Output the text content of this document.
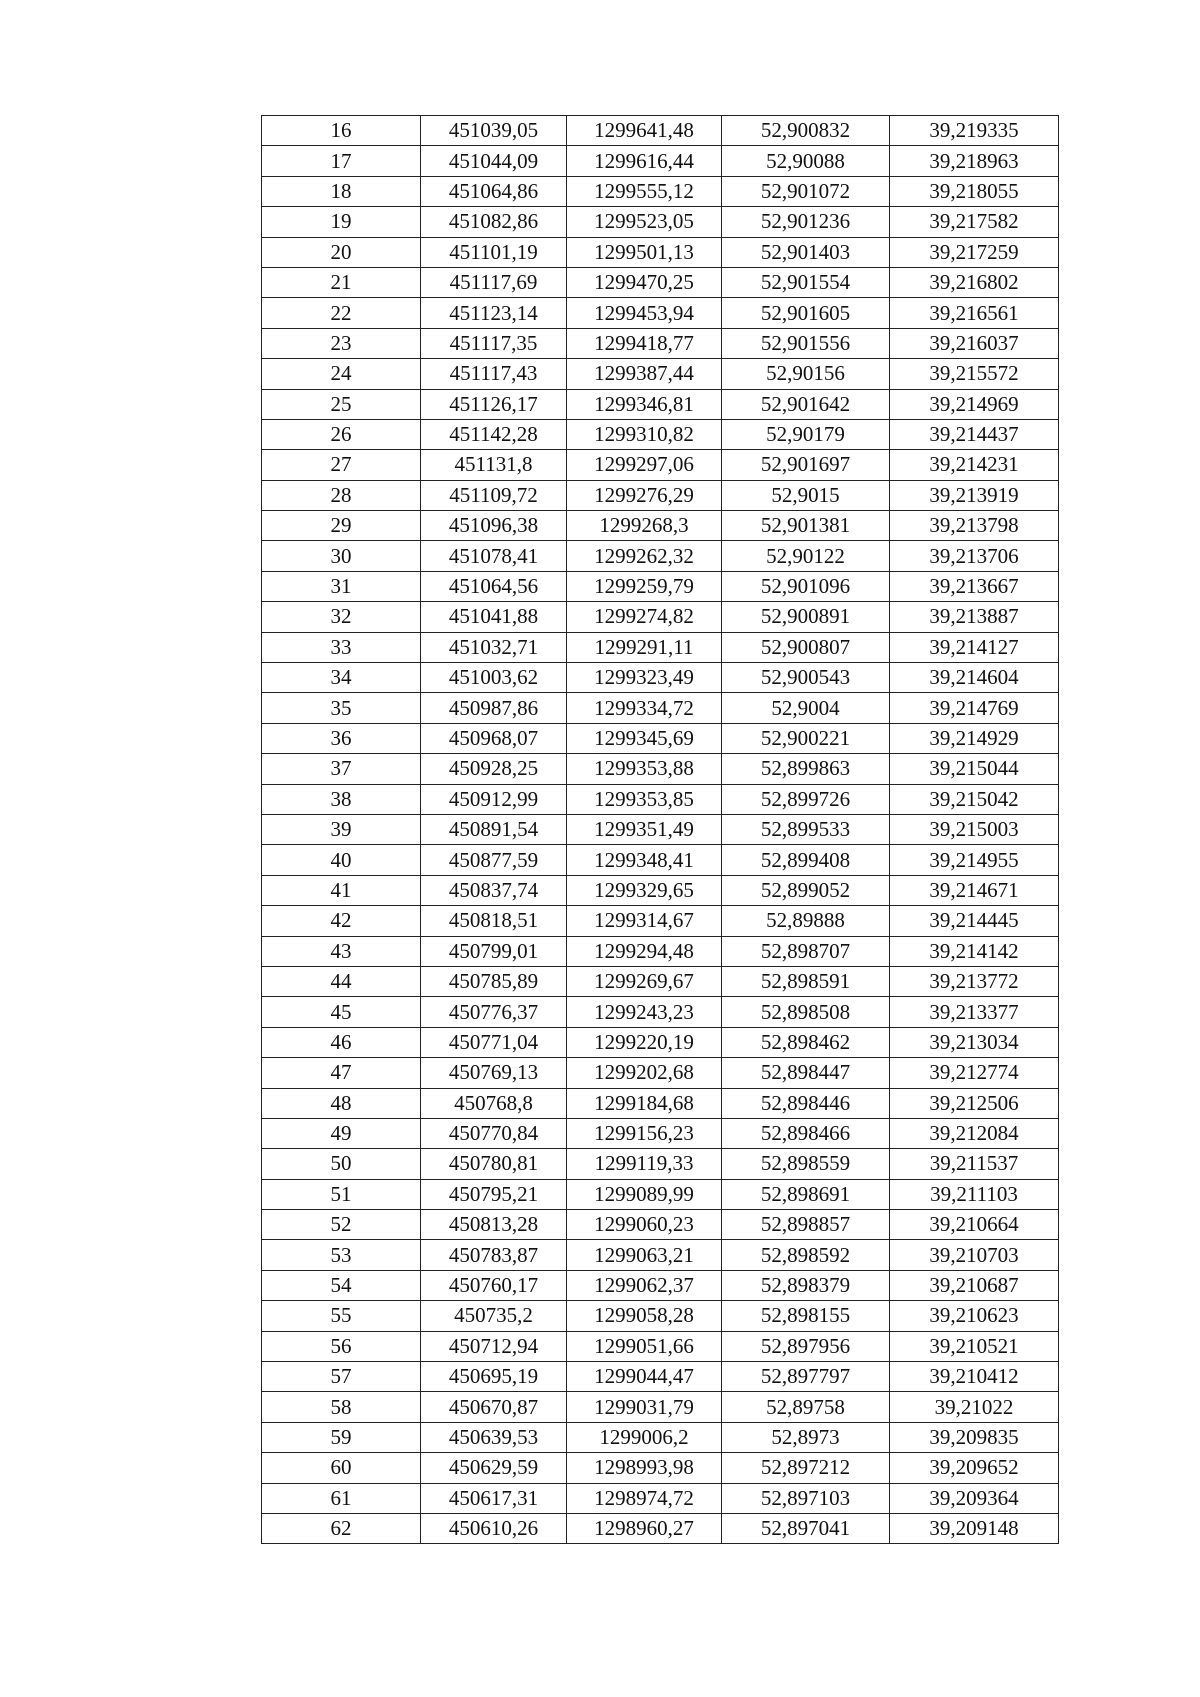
16	451039,05	1299641,48	52,900832	39,219335
17	451044,09	1299616,44	52,90088	39,218963
18	451064,86	1299555,12	52,901072	39,218055
19	451082,86	1299523,05	52,901236	39,217582
20	451101,19	1299501,13	52,901403	39,217259
21	451117,69	1299470,25	52,901554	39,216802
22	451123,14	1299453,94	52,901605	39,216561
23	451117,35	1299418,77	52,901556	39,216037
24	451117,43	1299387,44	52,90156	39,215572
25	451126,17	1299346,81	52,901642	39,214969
26	451142,28	1299310,82	52,90179	39,214437
27	451131,8	1299297,06	52,901697	39,214231
28	451109,72	1299276,29	52,9015	39,213919
29	451096,38	1299268,3	52,901381	39,213798
30	451078,41	1299262,32	52,90122	39,213706
31	451064,56	1299259,79	52,901096	39,213667
32	451041,88	1299274,82	52,900891	39,213887
33	451032,71	1299291,11	52,900807	39,214127
34	451003,62	1299323,49	52,900543	39,214604
35	450987,86	1299334,72	52,9004	39,214769
36	450968,07	1299345,69	52,900221	39,214929
37	450928,25	1299353,88	52,899863	39,215044
38	450912,99	1299353,85	52,899726	39,215042
39	450891,54	1299351,49	52,899533	39,215003
40	450877,59	1299348,41	52,899408	39,214955
41	450837,74	1299329,65	52,899052	39,214671
42	450818,51	1299314,67	52,89888	39,214445
43	450799,01	1299294,48	52,898707	39,214142
44	450785,89	1299269,67	52,898591	39,213772
45	450776,37	1299243,23	52,898508	39,213377
46	450771,04	1299220,19	52,898462	39,213034
47	450769,13	1299202,68	52,898447	39,212774
48	450768,8	1299184,68	52,898446	39,212506
49	450770,84	1299156,23	52,898466	39,212084
50	450780,81	1299119,33	52,898559	39,211537
51	450795,21	1299089,99	52,898691	39,211103
52	450813,28	1299060,23	52,898857	39,210664
53	450783,87	1299063,21	52,898592	39,210703
54	450760,17	1299062,37	52,898379	39,210687
55	450735,2	1299058,28	52,898155	39,210623
56	450712,94	1299051,66	52,897956	39,210521
57	450695,19	1299044,47	52,897797	39,210412
58	450670,87	1299031,79	52,89758	39,21022
59	450639,53	1299006,2	52,8973	39,209835
60	450629,59	1298993,98	52,897212	39,209652
61	450617,31	1298974,72	52,897103	39,209364
62	450610,26	1298960,27	52,897041	39,209148
